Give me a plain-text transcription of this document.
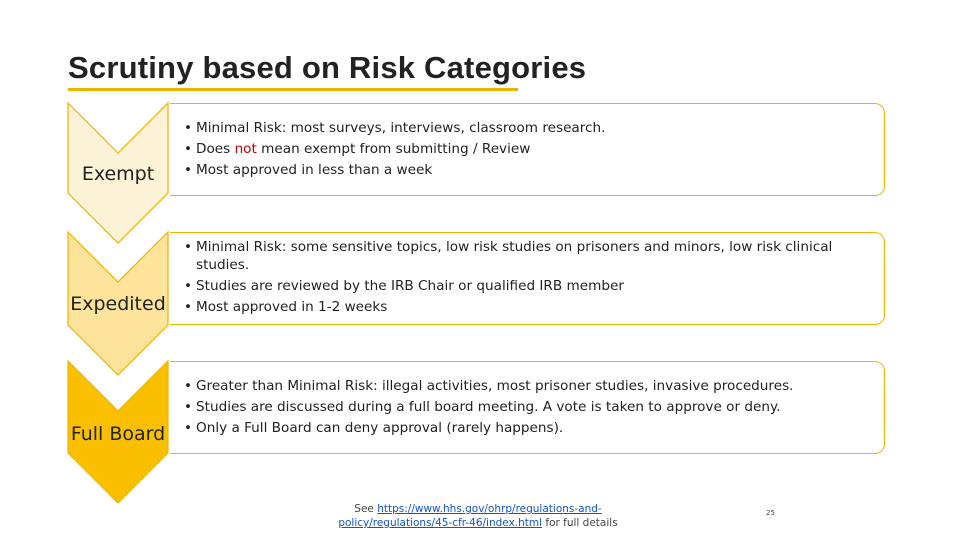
Scrutiny based on Risk Categories
Exempt
• Minimal Risk: most surveys, interviews, classroom research.
• Does not mean exempt from submitting / Review
• Most approved in less than a week
Expedited
• Minimal Risk: some sensitive topics, low risk studies on prisoners and minors, low risk clinical studies.
• Studies are reviewed by the IRB Chair or qualified IRB member
• Most approved in 1-2 weeks
Full Board
• Greater than Minimal Risk: illegal activities, most prisoner studies, invasive procedures.
• Studies are discussed during a full board meeting. A vote is taken to approve or deny.
• Only a Full Board can deny approval (rarely happens).
See https://www.hhs.gov/ohrp/regulations-and-policy/regulations/45-cfr-46/index.html for full details
25
